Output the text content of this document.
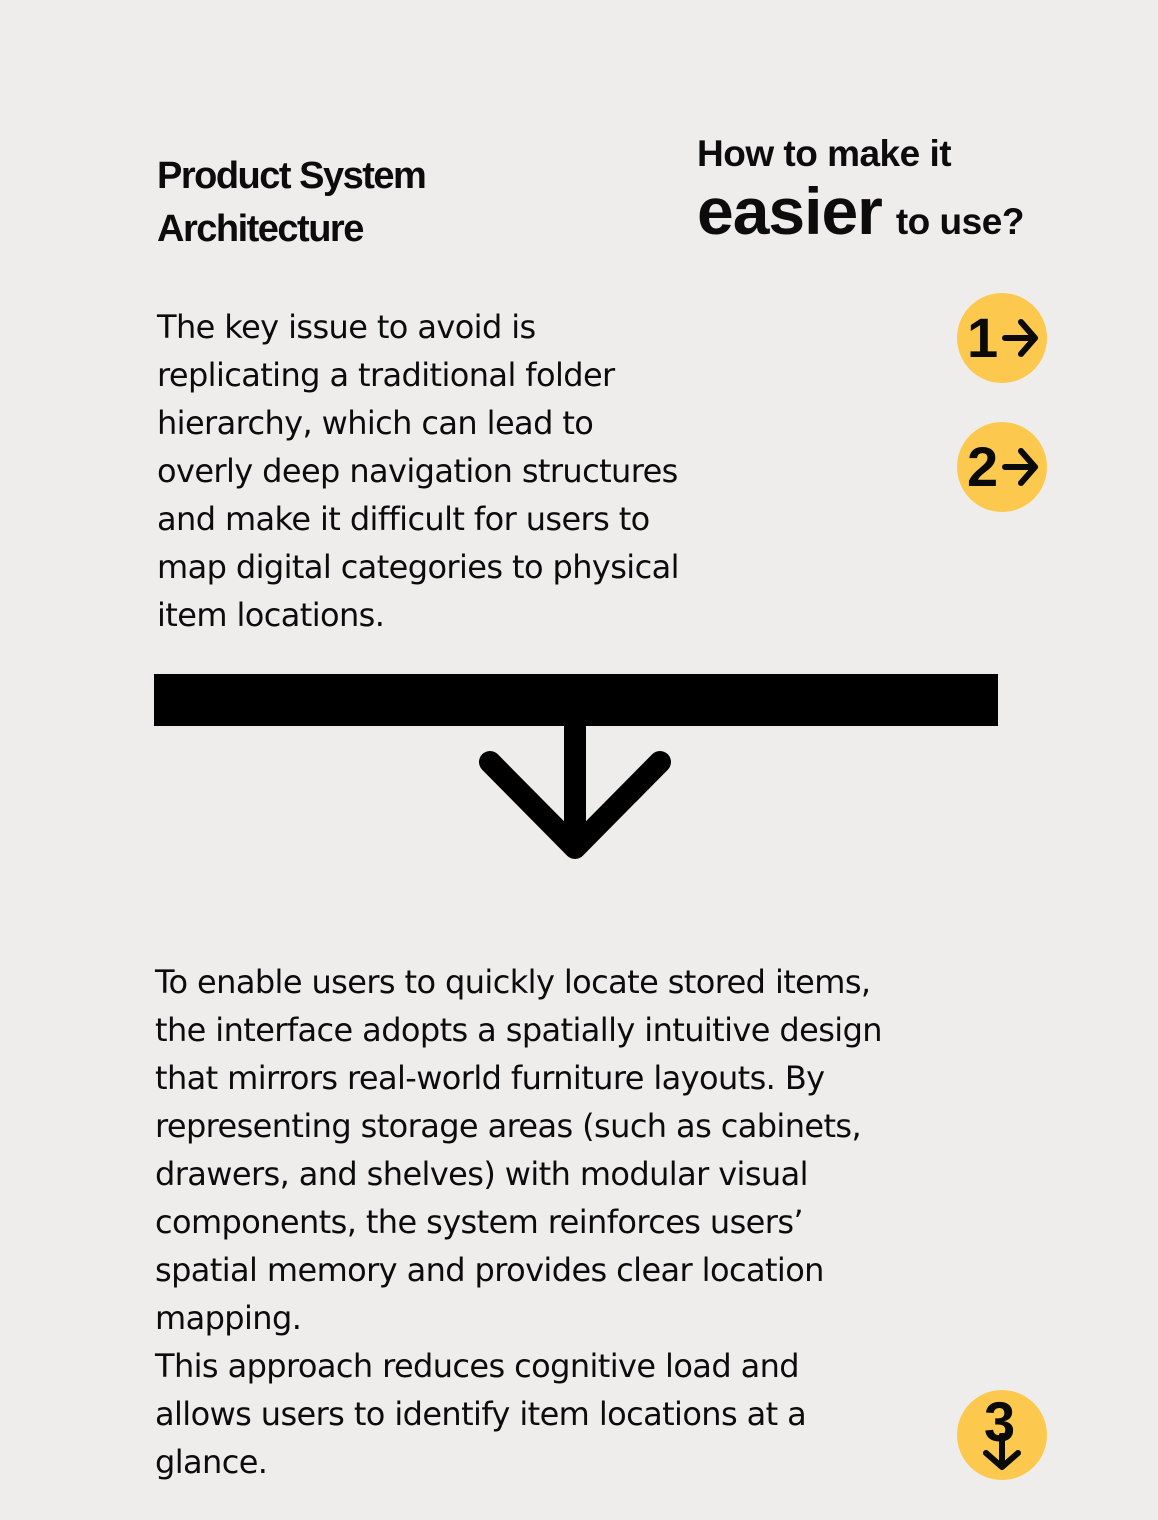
Product System
Architecture
How to make it
easier to use?
The key issue to avoid is
replicating a traditional folder
hierarchy, which can lead to
overly deep navigation structures
and make it difficult for users to
map digital categories to physical
item locations.
1
2
To enable users to quickly locate stored items,
the interface adopts a spatially intuitive design
that mirrors real-world furniture layouts. By
representing storage areas (such as cabinets,
drawers, and shelves) with modular visual
components, the system reinforces users’
spatial memory and provides clear location
mapping.
This approach reduces cognitive load and
allows users to identify item locations at a
glance.
3
